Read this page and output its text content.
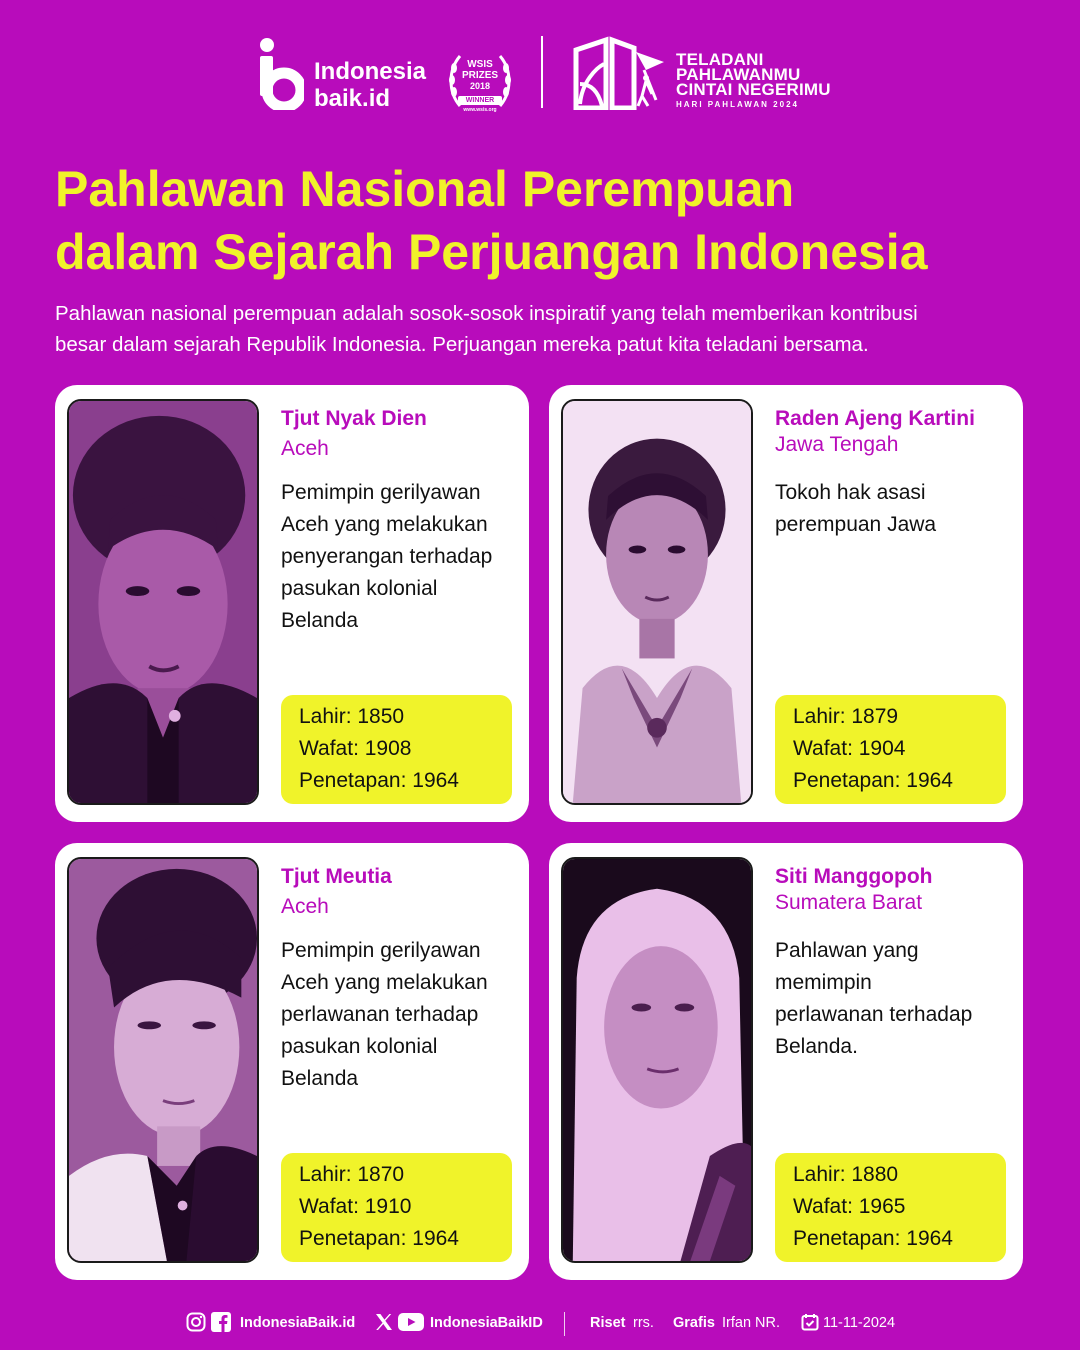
Indonesia
baik.id
WSIS
PRIZES
2018
WINNER
www.wsis.org
TELADANI
PAHLAWANMU
CINTAI NEGERIMU
HARI PAHLAWAN 2024
Pahlawan Nasional Perempuan
dalam Sejarah Perjuangan Indonesia
Pahlawan nasional perempuan adalah sosok-sosok inspiratif yang telah memberikan kontribusi
besar dalam sejarah Republik Indonesia. Perjuangan mereka patut kita teladani bersama.
Tjut Nyak Dien
Aceh
Pemimpin gerilyawan
Aceh yang melakukan
penyerangan terhadap
pasukan kolonial
Belanda
Lahir: 1850
Wafat: 1908
Penetapan: 1964
Raden Ajeng Kartini
Jawa Tengah
Tokoh hak asasi
perempuan Jawa
Lahir: 1879
Wafat: 1904
Penetapan: 1964
Tjut Meutia
Aceh
Pemimpin gerilyawan
Aceh yang melakukan
perlawanan terhadap
pasukan kolonial
Belanda
Lahir: 1870
Wafat: 1910
Penetapan: 1964
Siti Manggopoh
Sumatera Barat
Pahlawan yang
memimpin
perlawanan terhadap
Belanda.
Lahir: 1880
Wafat: 1965
Penetapan: 1964
IndonesiaBaik.id	IndonesiaBaikID	Riset rrs. Grafis Irfan NR.	11-11-2024
